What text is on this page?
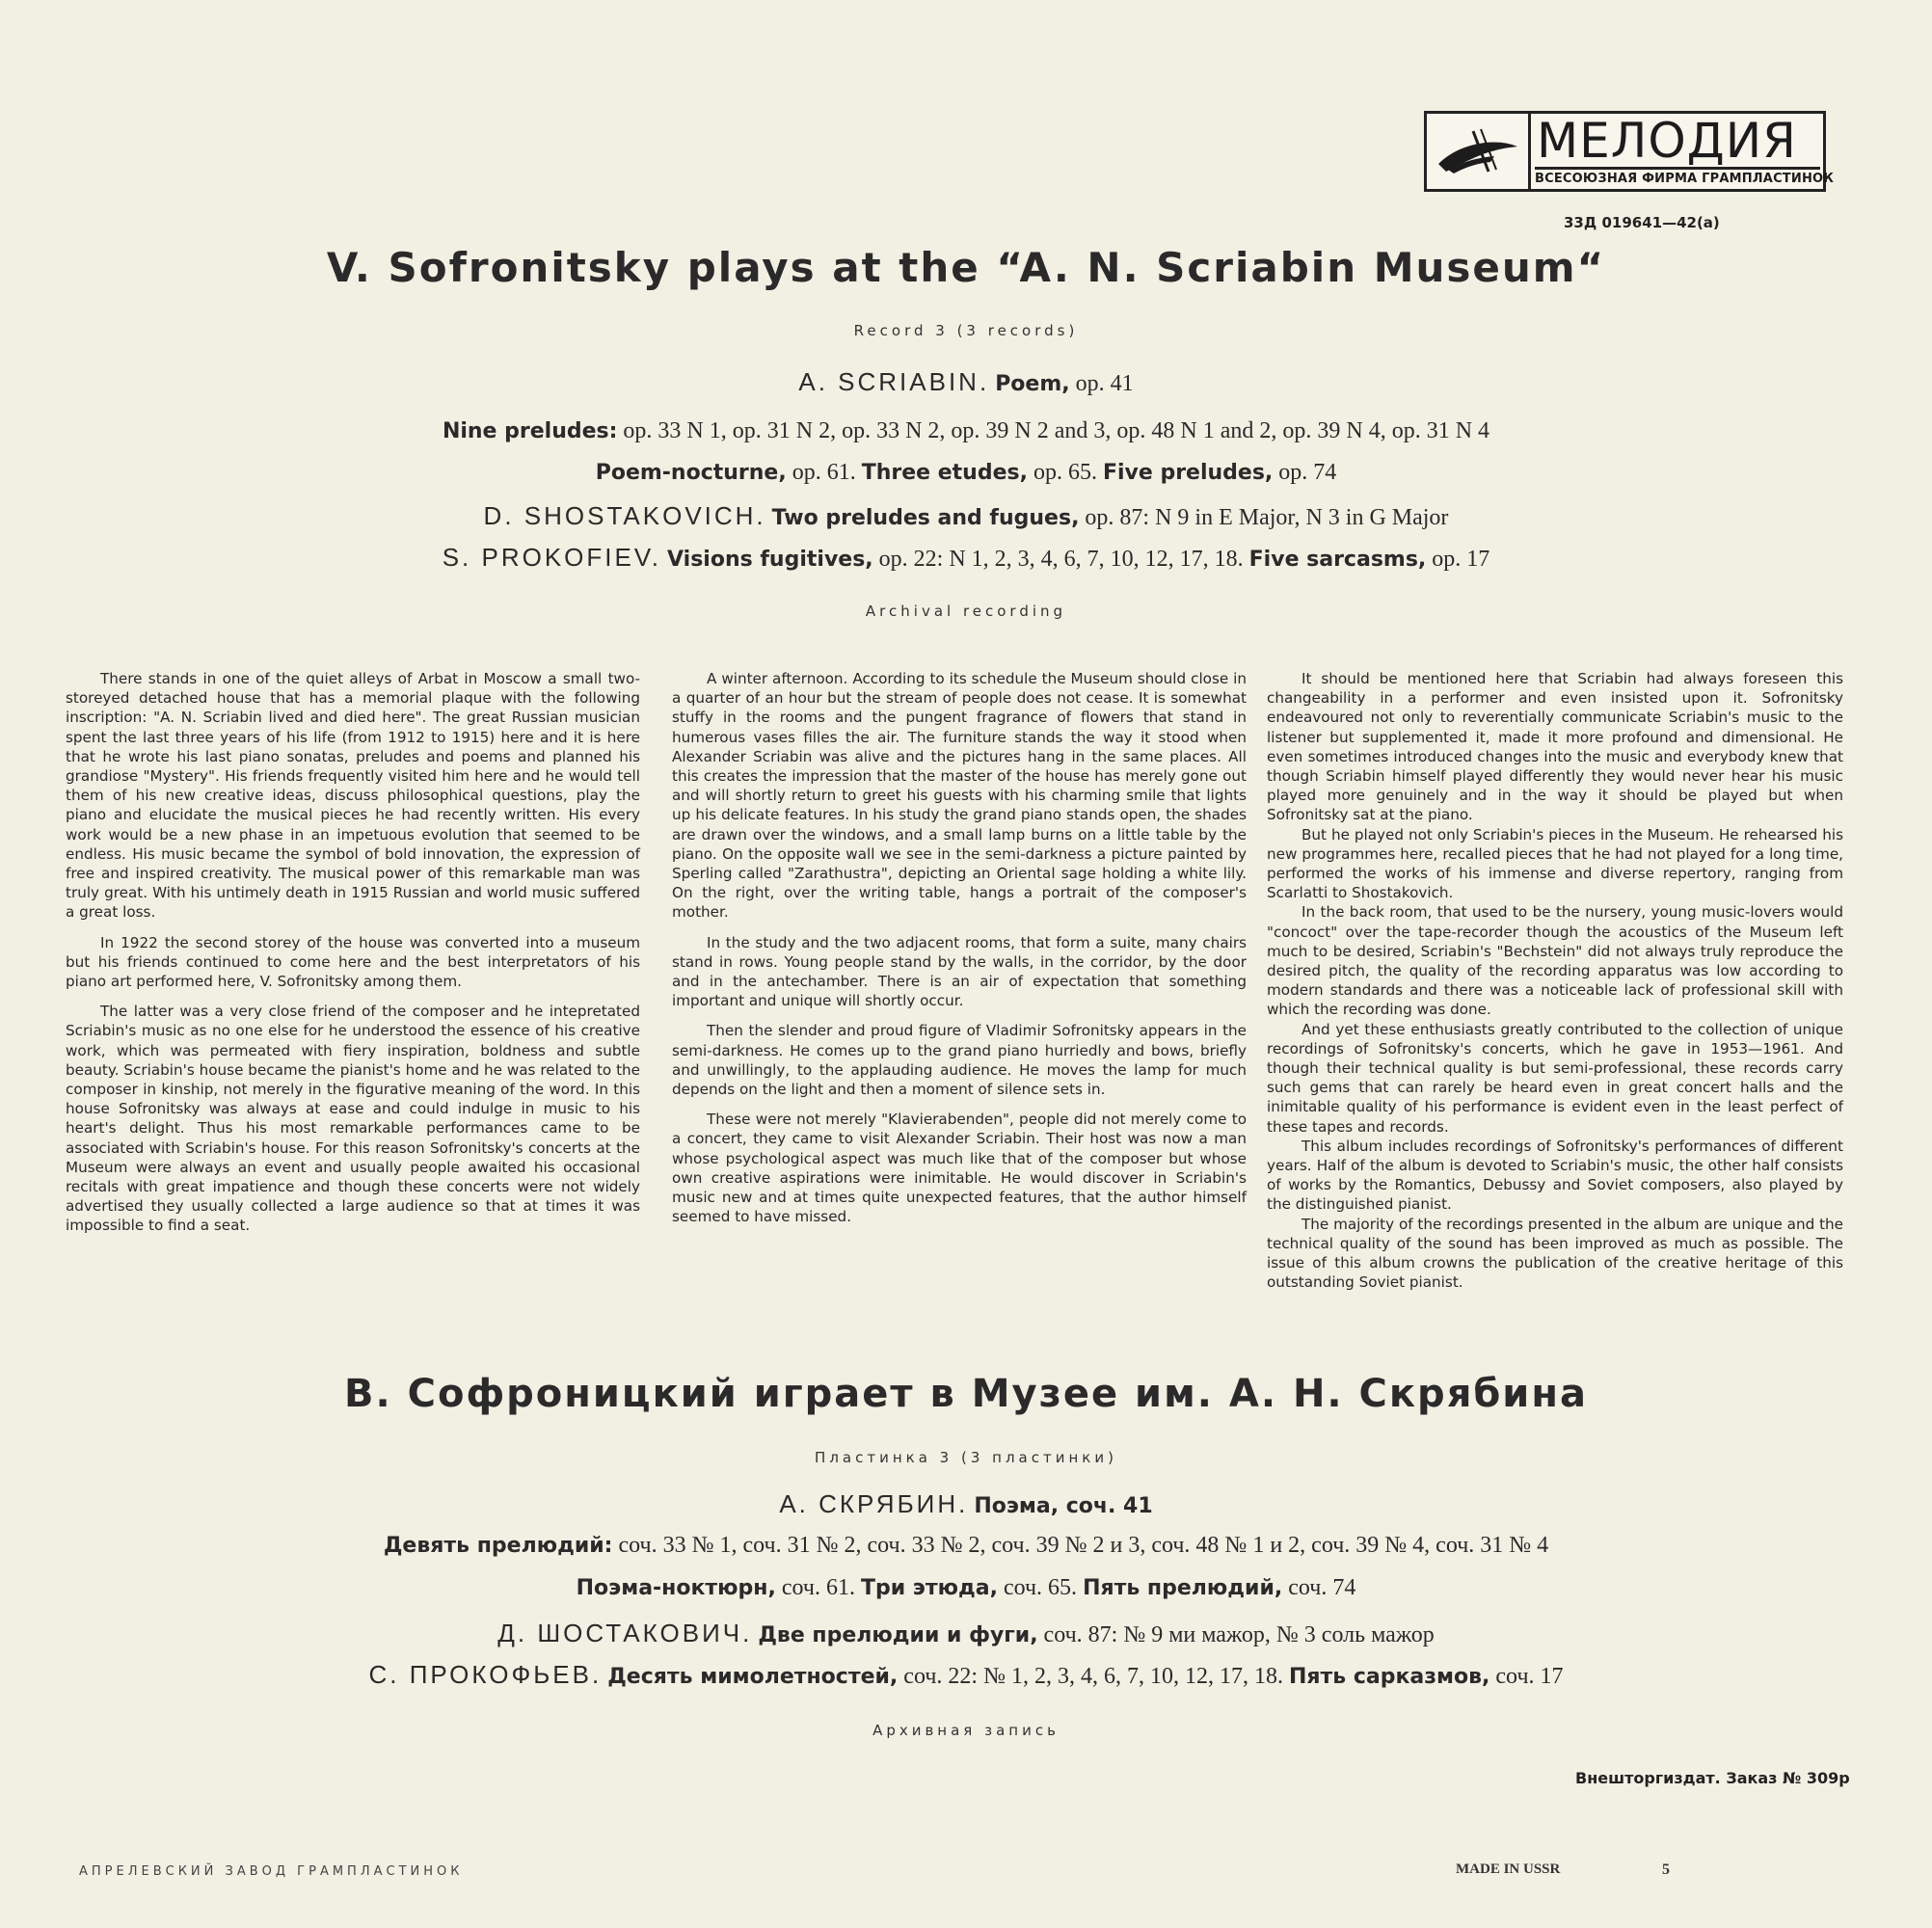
МЕЛОДИЯ
ВСЕСОЮЗНАЯ ФИРМА ГРАМПЛАСТИНОК
33Д 019641—42(а)
V. Sofronitsky plays at the “A. N. Scriabin Museum“
Record 3 (3 records)
A. SCRIABIN. Poem, op. 41
Nine preludes: op. 33 N 1, op. 31 N 2, op. 33 N 2, op. 39 N 2 and 3, op. 48 N 1 and 2, op. 39 N 4, op. 31 N 4
Poem-nocturne, op. 61. Three etudes, op. 65. Five preludes, op. 74
D. SHOSTAKOVICH. Two preludes and fugues, op. 87: N 9 in E Major, N 3 in G Major
S. PROKOFIEV. Visions fugitives, op. 22: N 1, 2, 3, 4, 6, 7, 10, 12, 17, 18. Five sarcasms, op. 17
Archival recording

There stands in one of the quiet alleys of Arbat in Moscow a small two-storeyed detached house that has a memorial plaque with the following inscription: "A. N. Scriabin lived and died here". The great Russian musician spent the last three years of his life (from 1912 to 1915) here and it is here that he wrote his last piano sonatas, preludes and poems and planned his grandiose "Mystery". His friends frequently visited him here and he would tell them of his new creative ideas, discuss philosophical questions, play the piano and elucidate the musical pieces he had recently written. His every work would be a new phase in an impetuous evolution that seemed to be endless. His music became the symbol of bold innovation, the expression of free and inspired creativity. The musical power of this remarkable man was truly great. With his untimely death in 1915 Russian and world music suffered a great loss.

In 1922 the second storey of the house was converted into a museum but his friends continued to come here and the best interpretators of his piano art performed here, V. Sofronitsky among them.

The latter was a very close friend of the composer and he intepretated Scriabin's music as no one else for he understood the essence of his creative work, which was permeated with fiery inspiration, boldness and subtle beauty. Scriabin's house became the pianist's home and he was related to the composer in kinship, not merely in the figurative meaning of the word. In this house Sofronitsky was always at ease and could indulge in music to his heart's delight. Thus his most remarkable performances came to be associated with Scriabin's house. For this reason Sofronitsky's concerts at the Museum were always an event and usually people awaited his occasional recitals with great impatience and though these concerts were not widely advertised they usually collected a large audience so that at times it was impossible to find a seat.

A winter afternoon. According to its schedule the Museum should close in a quarter of an hour but the stream of people does not cease. It is somewhat stuffy in the rooms and the pungent fragrance of flowers that stand in humerous vases filles the air. The furniture stands the way it stood when Alexander Scriabin was alive and the pictures hang in the same places. All this creates the impression that the master of the house has merely gone out and will shortly return to greet his guests with his charming smile that lights up his delicate features. In his study the grand piano stands open, the shades are drawn over the windows, and a small lamp burns on a little table by the piano. On the opposite wall we see in the semi-darkness a picture painted by Sperling called "Zarathustra", depicting an Oriental sage holding a white lily. On the right, over the writing table, hangs a portrait of the composer's mother.

In the study and the two adjacent rooms, that form a suite, many chairs stand in rows. Young people stand by the walls, in the corridor, by the door and in the antechamber. There is an air of expectation that something important and unique will shortly occur.

Then the slender and proud figure of Vladimir Sofronitsky appears in the semi-darkness. He comes up to the grand piano hurriedly and bows, briefly and unwillingly, to the applauding audience. He moves the lamp for much depends on the light and then a moment of silence sets in.

These were not merely "Klavierabenden", people did not merely come to a concert, they came to visit Alexander Scriabin. Their host was now a man whose psychological aspect was much like that of the composer but whose own creative aspirations were inimitable. He would discover in Scriabin's music new and at times quite unexpected features, that the author himself seemed to have missed.

It should be mentioned here that Scriabin had always foreseen this changeability in a performer and even insisted upon it. Sofronitsky endeavoured not only to reverentially communicate Scriabin's music to the listener but supplemented it, made it more profound and dimensional. He even sometimes introduced changes into the music and everybody knew that though Scriabin himself played differently they would never hear his music played more genuinely and in the way it should be played but when Sofronitsky sat at the piano.

But he played not only Scriabin's pieces in the Museum. He rehearsed his new programmes here, recalled pieces that he had not played for a long time, performed the works of his immense and diverse repertory, ranging from Scarlatti to Shostakovich.

In the back room, that used to be the nursery, young music-lovers would "concoct" over the tape-recorder though the acoustics of the Museum left much to be desired, Scriabin's "Bechstein" did not always truly reproduce the desired pitch, the quality of the recording apparatus was low according to modern standards and there was a noticeable lack of professional skill with which the recording was done.

And yet these enthusiasts greatly contributed to the collection of unique recordings of Sofronitsky's concerts, which he gave in 1953—1961. And though their technical quality is but semi-professional, these records carry such gems that can rarely be heard even in great concert halls and the inimitable quality of his performance is evident even in the least perfect of these tapes and records.

This album includes recordings of Sofronitsky's performances of different years. Half of the album is devoted to Scriabin's music, the other half consists of works by the Romantics, Debussy and Soviet composers, also played by the distinguished pianist.

The majority of the recordings presented in the album are unique and the technical quality of the sound has been improved as much as possible. The issue of this album crowns the publication of the creative heritage of this outstanding Soviet pianist.

В. Софроницкий играет в Музее им. А. Н. Скрябина
Пластинка 3 (3 пластинки)
А. СКРЯБИН. Поэма, соч. 41
Девять прелюдий: соч. 33 № 1, соч. 31 № 2, соч. 33 № 2, соч. 39 № 2 и 3, соч. 48 № 1 и 2, соч. 39 № 4, соч. 31 № 4
Поэма-ноктюрн, соч. 61. Три этюда, соч. 65. Пять прелюдий, соч. 74
Д. ШОСТАКОВИЧ. Две прелюдии и фуги, соч. 87: № 9 ми мажор, № 3 соль мажор
С. ПРОКОФЬЕВ. Десять мимолетностей, соч. 22: № 1, 2, 3, 4, 6, 7, 10, 12, 17, 18. Пять сарказмов, соч. 17
Архивная запись
Внешторгиздат. Заказ № 309р
АПРЕЛЕВСКИЙ ЗАВОД ГРАМПЛАСТИНОК	MADE IN USSR	5
